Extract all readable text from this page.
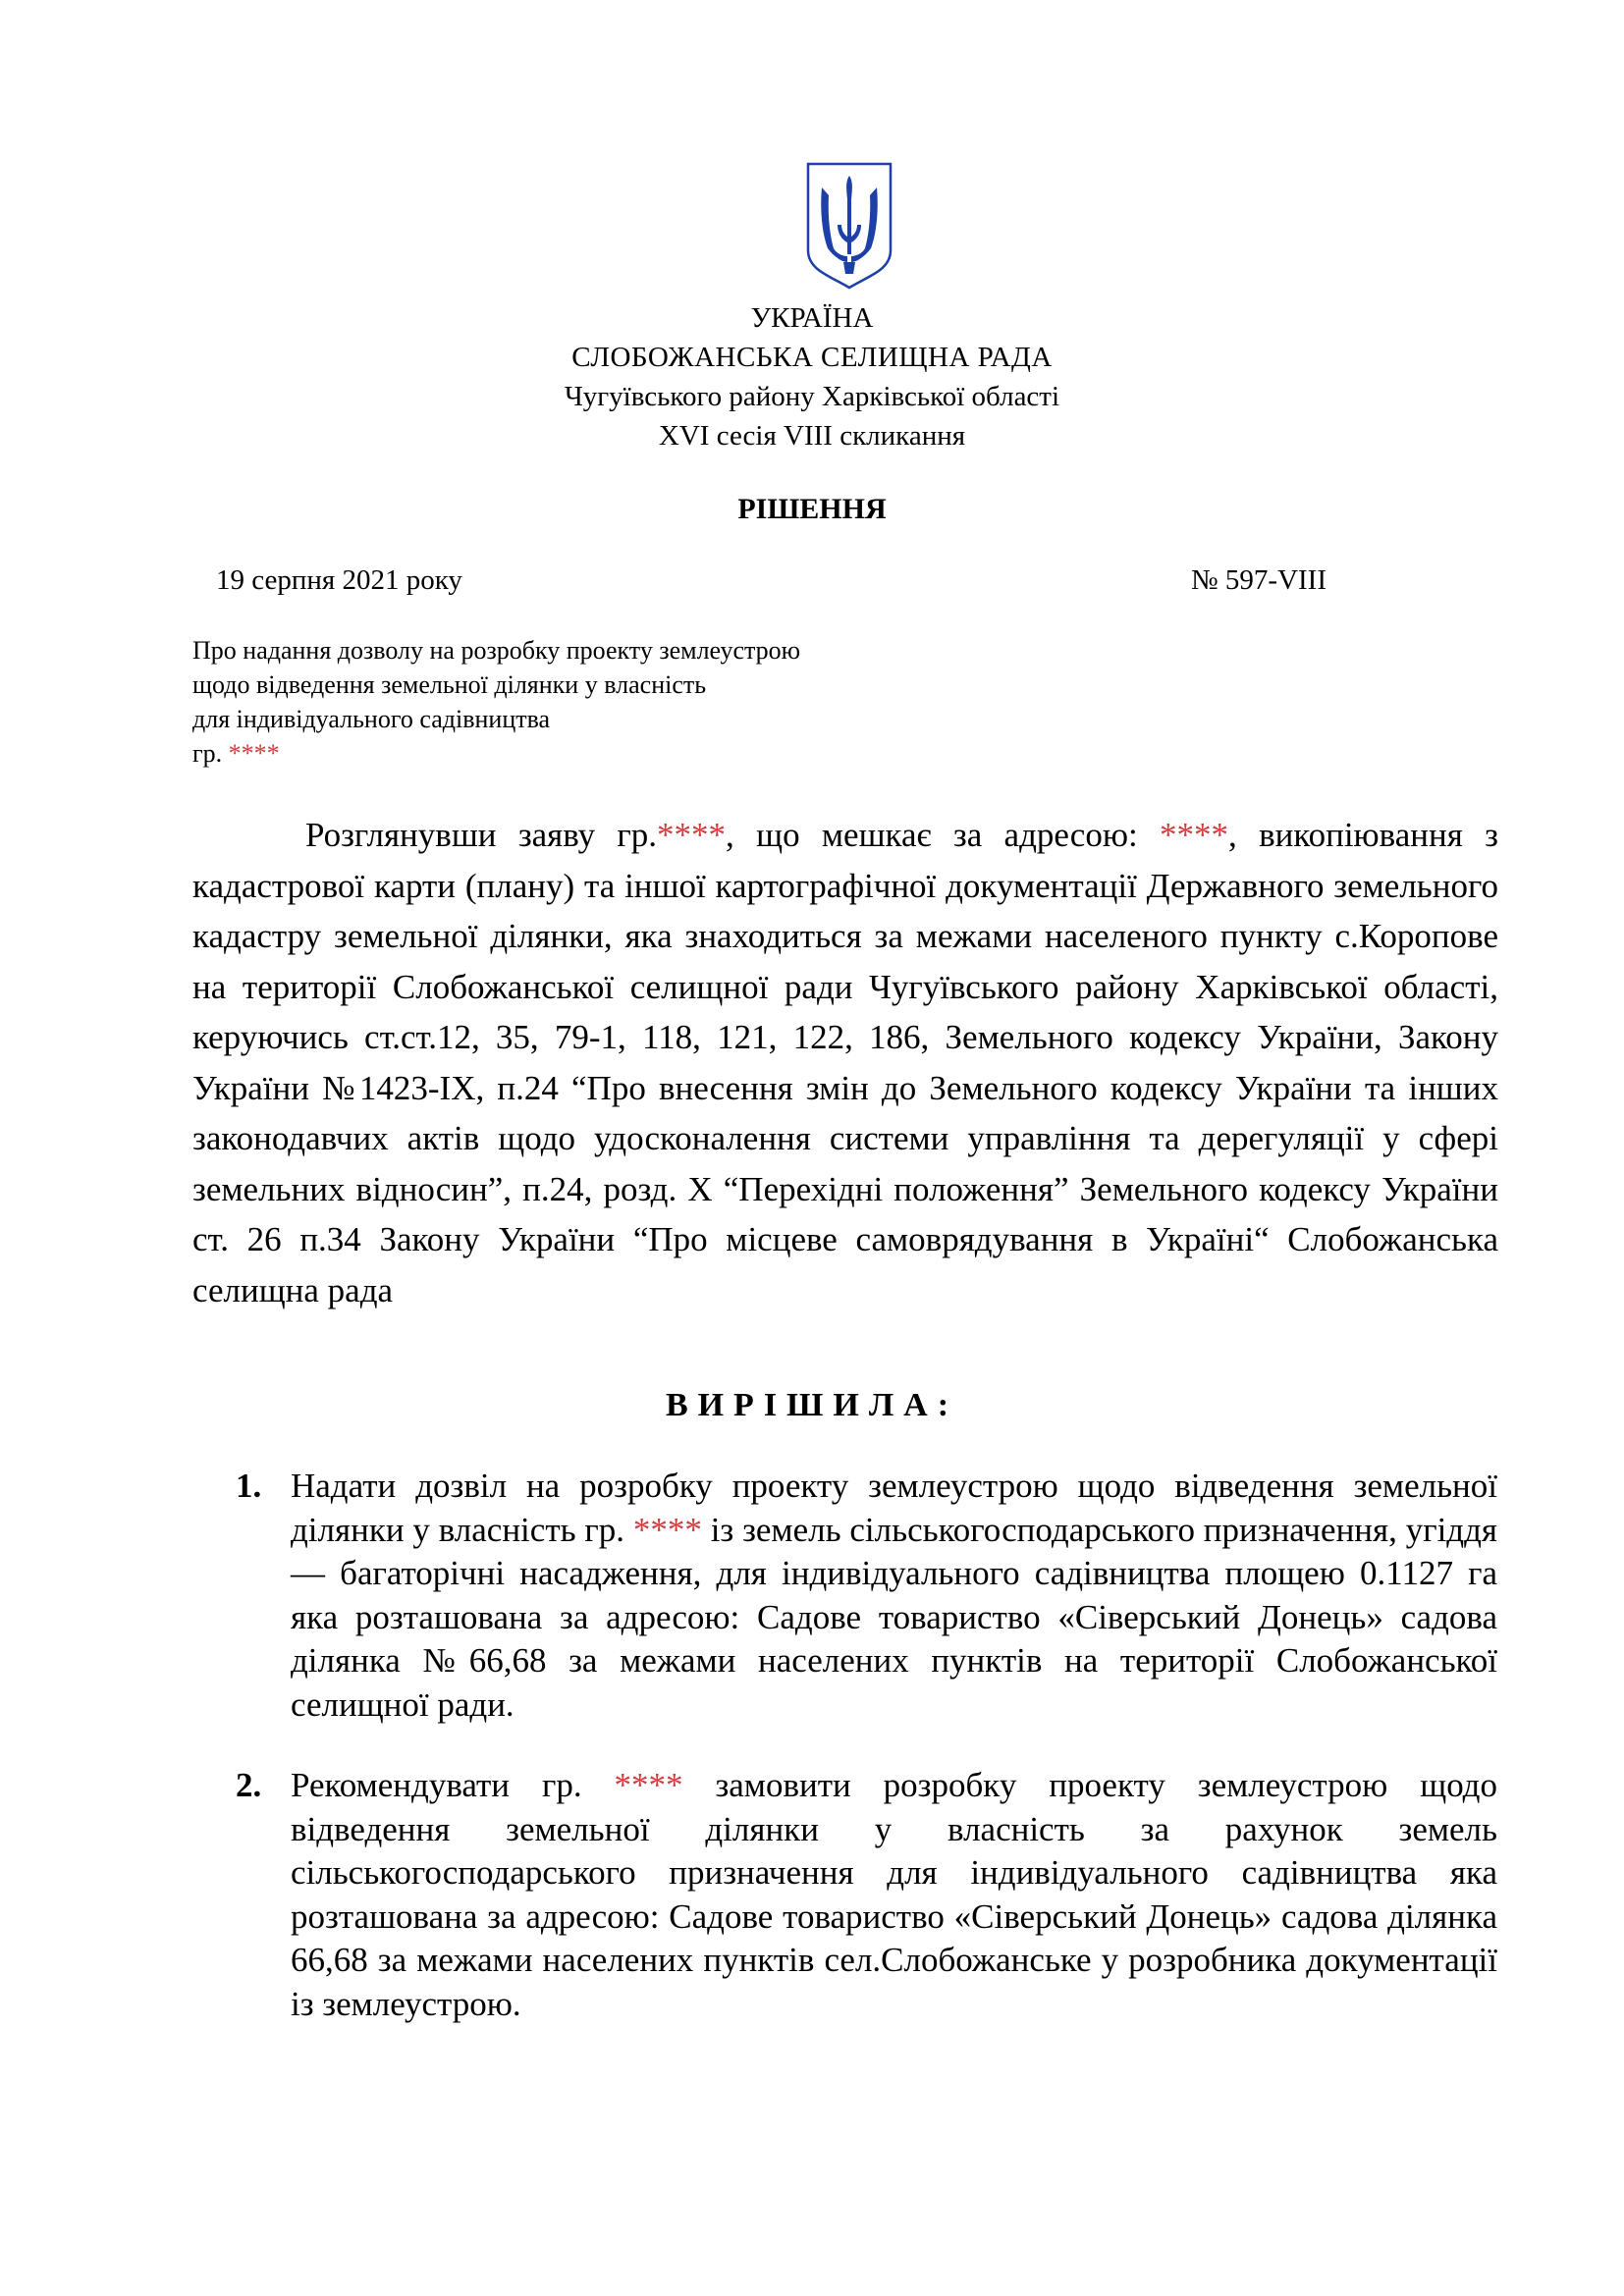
УКРАЇНА
СЛОБОЖАНСЬКА СЕЛИЩНА РАДА
Чугуївського району Харківської області
XVI сесія VIII скликання
РІШЕННЯ
19 серпня 2021 року	№ 597-VIII
Про надання дозволу на розробку проекту землеустрою
щодо відведення земельної ділянки у власність
для індивідуального садівництва
гр. ****
Розглянувши заяву гр.****, що мешкає за адресою: ****, викопіювання з кадастрової карти (плану) та іншої картографічної документації Державного земельного кадастру земельної ділянки, яка знаходиться за межами населеного пункту с.Коропове на території Слобожанської селищної ради Чугуївського району Харківської області, керуючись ст.ст.12, 35, 79-1, 118, 121, 122, 186, Земельного кодексу України, Закону України №1423-IX, п.24 “Про внесення змін до Земельного кодексу України та інших законодавчих актів щодо удосконалення системи управління та дерегуляції у сфері земельних відносин”, п.24, розд. Х “Перехідні положення” Земельного кодексу України ст. 26 п.34 Закону України “Про місцеве самоврядування в Україні“ Слобожанська селищна рада
ВИРІШИЛА:
1. Надати дозвіл на розробку проекту землеустрою щодо відведення земельної ділянки у власність гр. **** із земель сільськогосподарського призначення, угіддя — багаторічні насадження, для індивідуального садівництва площею 0.1127 га яка розташована за адресою: Садове товариство «Сіверський Донець» садова ділянка №66,68 за межами населених пунктів на території Слобожанської селищної ради.
2. Рекомендувати гр. **** замовити розробку проекту землеустрою щодо відведення земельної ділянки у власність за рахунок земель сільськогосподарського призначення для індивідуального садівництва яка розташована за адресою: Садове товариство «Сіверський Донець» садова ділянка 66,68 за межами населених пунктів сел.Слобожанське у розробника документації із землеустрою.
